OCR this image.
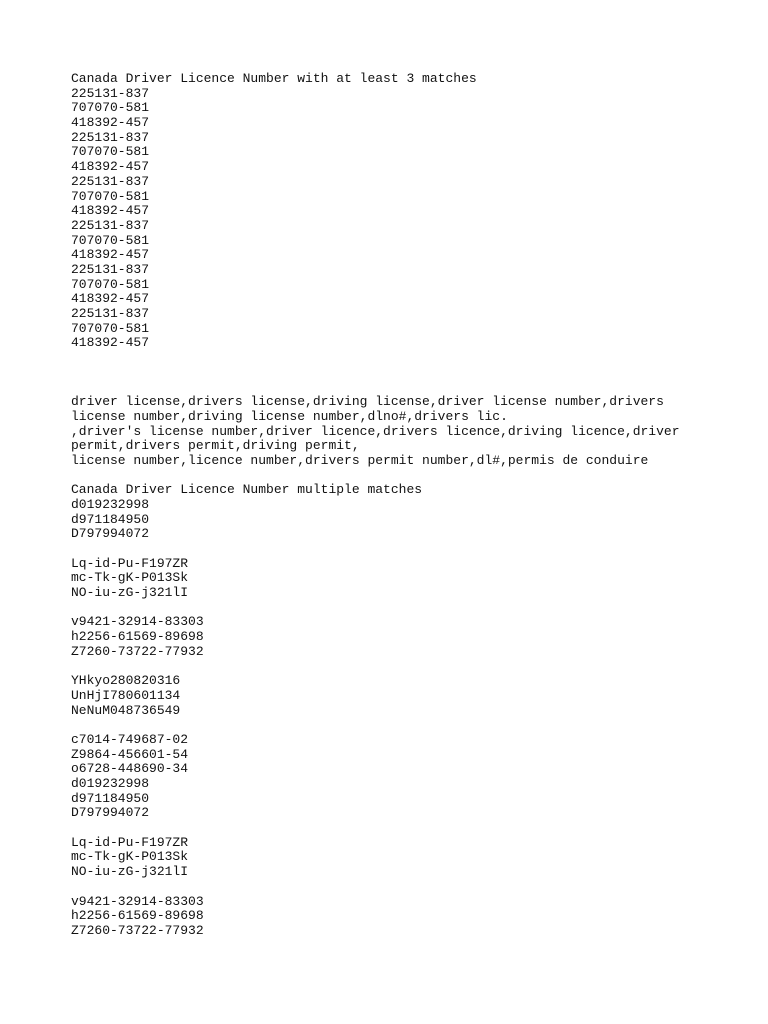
Canada Driver Licence Number with at least 3 matches
225131-837
707070-581
418392-457
225131-837
707070-581
418392-457
225131-837
707070-581
418392-457
225131-837
707070-581
418392-457
225131-837
707070-581
418392-457
225131-837
707070-581
418392-457
driver license,drivers license,driving license,driver license number,drivers
license number,driving license number,dlno#,drivers lic.
,driver's license number,driver licence,drivers licence,driving licence,driver
permit,drivers permit,driving permit,
license number,licence number,drivers permit number,dl#,permis de conduire
Canada Driver Licence Number multiple matches
d019232998
d971184950
D797994072
Lq-id-Pu-F197ZR
mc-Tk-gK-P013Sk
NO-iu-zG-j321lI
v9421-32914-83303
h2256-61569-89698
Z7260-73722-77932
YHkyo280820316
UnHjI780601134
NeNuM048736549
c7014-749687-02
Z9864-456601-54
o6728-448690-34
d019232998
d971184950
D797994072
Lq-id-Pu-F197ZR
mc-Tk-gK-P013Sk
NO-iu-zG-j321lI
v9421-32914-83303
h2256-61569-89698
Z7260-73722-77932
